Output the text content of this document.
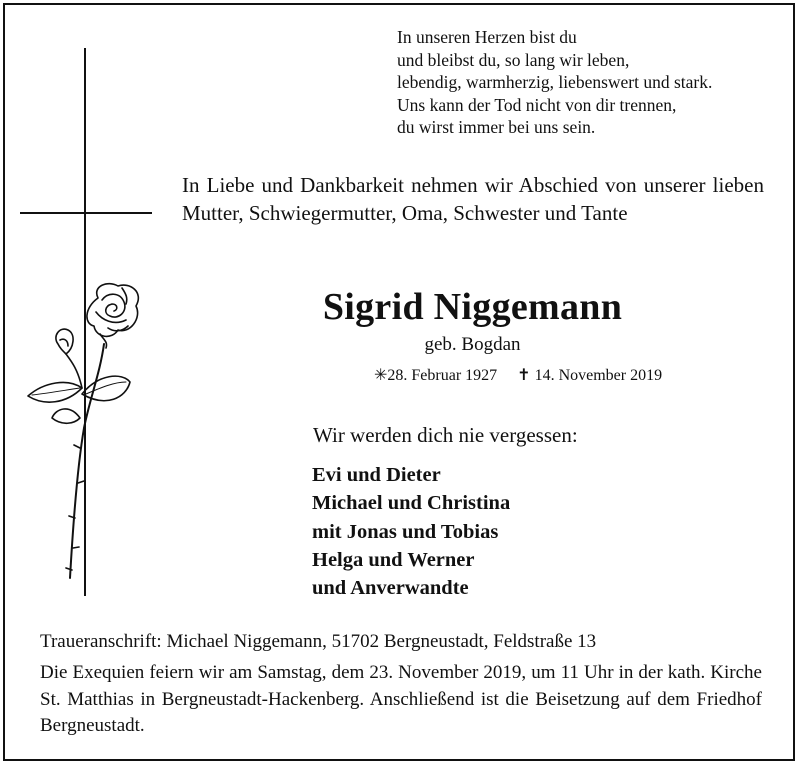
In unseren Herzen bist du
und bleibst du, so lang wir leben,
lebendig, warmherzig, liebenswert und stark.
Uns kann der Tod nicht von dir trennen,
du wirst immer bei uns sein.
In Liebe und Dankbarkeit nehmen wir Abschied von unserer lieben Mutter, Schwiegermutter, Oma, Schwester und Tante
Sigrid Niggemann
geb. Bogdan
✳28. Februar 1927 ✝ 14. November 2019
Wir werden dich nie vergessen:
Evi und Dieter
Michael und Christina
mit Jonas und Tobias
Helga und Werner
und Anverwandte
Traueranschrift: Michael Niggemann, 51702 Bergneustadt, Feldstraße 13
Die Exequien feiern wir am Samstag, dem 23. November 2019, um 11 Uhr in der kath. Kirche St. Matthias in Bergneustadt-Hackenberg. Anschließend ist die Beisetzung auf dem Friedhof Bergneustadt.
